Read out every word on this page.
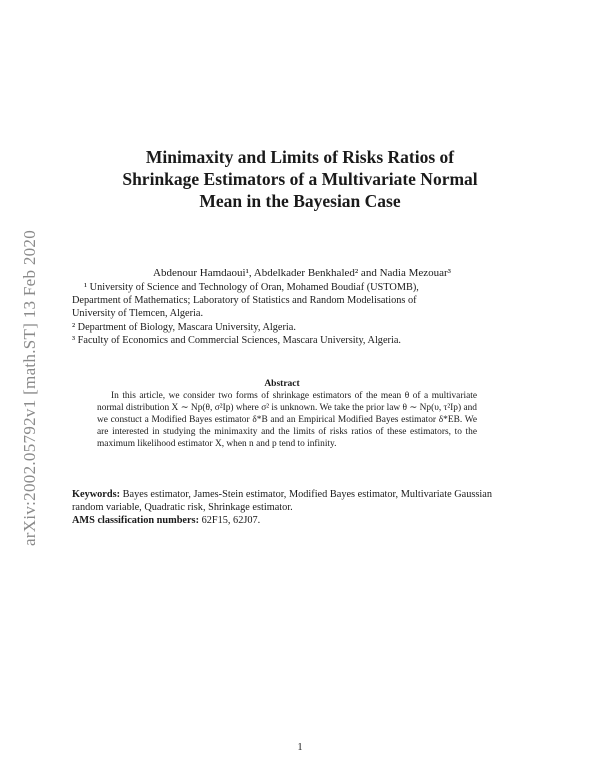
arXiv:2002.05792v1 [math.ST] 13 Feb 2020
Minimaxity and Limits of Risks Ratios of
Shrinkage Estimators of a Multivariate Normal
Mean in the Bayesian Case
Abdenour Hamdaoui¹, Abdelkader Benkhaled² and Nadia Mezouar³

¹ University of Science and Technology of Oran, Mohamed Boudiaf (USTOMB),

Department of Mathematics; Laboratory of Statistics and Random Modelisations of

University of Tlemcen, Algeria.

² Department of Biology, Mascara University, Algeria.

³ Faculty of Economics and Commercial Sciences, Mascara University, Algeria.

Abstract
In this article, we consider two forms of shrinkage estimators of the mean θ of a multivariate normal distribution X ∼ Np(θ, σ²Ip) where σ² is unknown. We take the prior law θ ∼ Np(υ, τ²Ip) and we constuct a Modified Bayes estimator δ*B and an Empirical Modified Bayes estimator δ*EB. We are interested in studying the minimaxity and the limits of risks ratios of these estimators, to the maximum likelihood estimator X, when n and p tend to infinity.

Keywords: Bayes estimator, James-Stein estimator, Modified Bayes estimator, Multivariate Gaussian random variable, Quadratic risk, Shrinkage estimator.

AMS classification numbers: 62F15, 62J07.

1
